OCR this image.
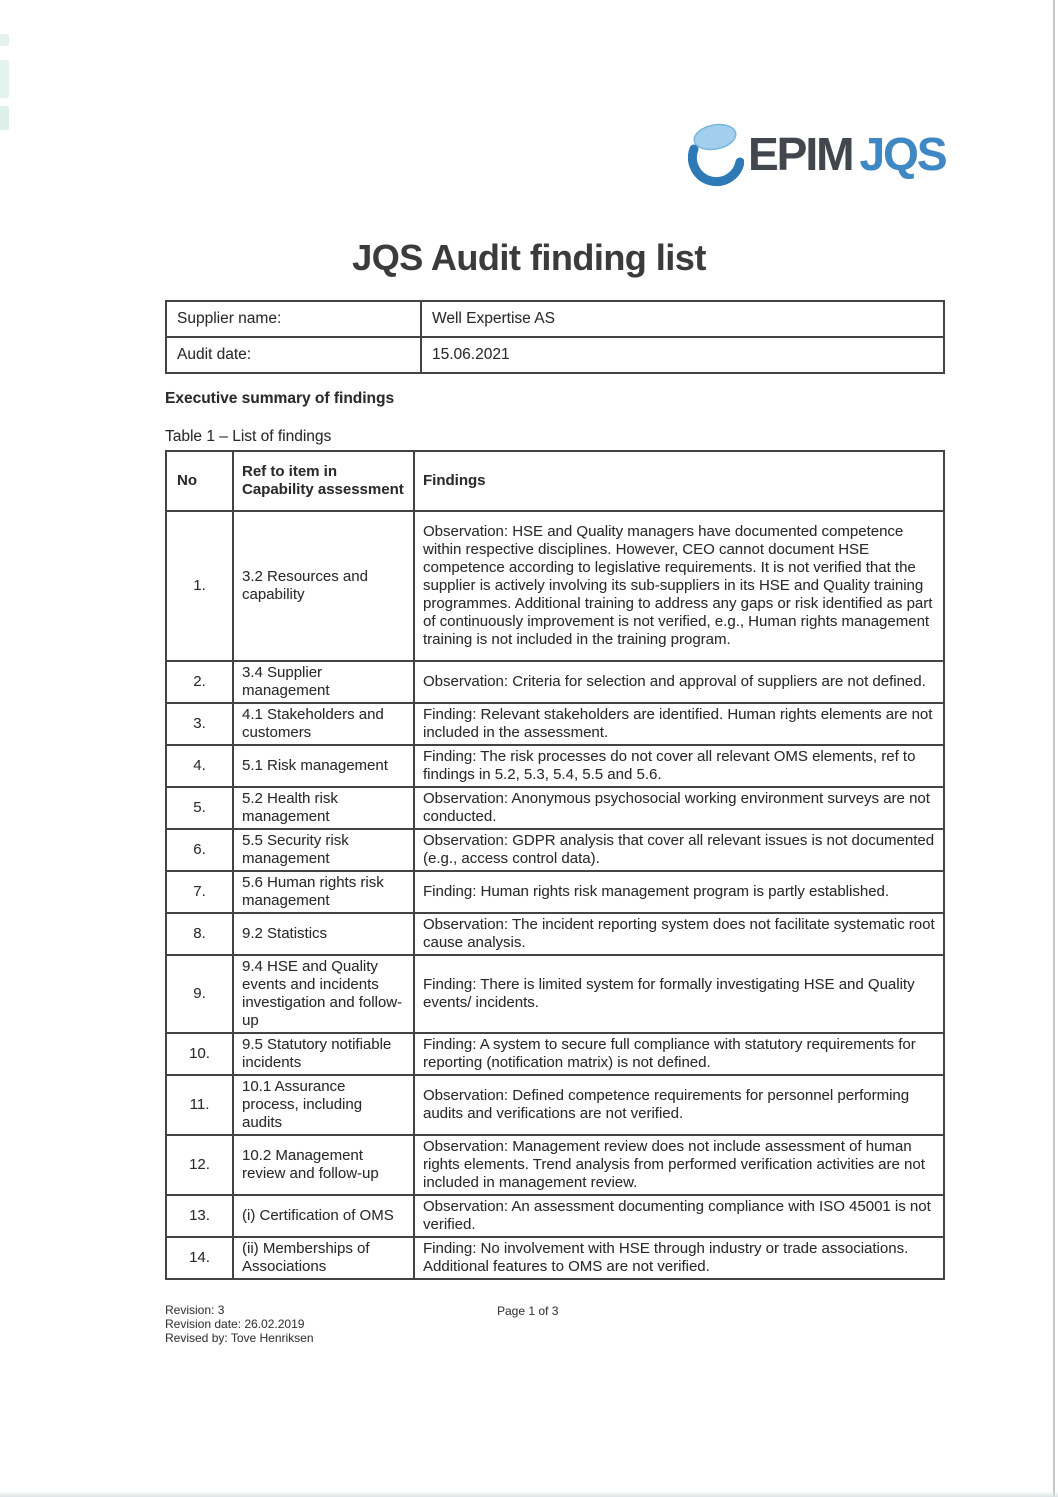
EPIM JQS
JQS Audit finding list
Supplier name:	Well Expertise AS
Audit date:	15.06.2021
Executive summary of findings
Table 1 – List of findings
No	Ref to item in Capability assessment	Findings
1.	3.2 Resources and capability	Observation: HSE and Quality managers have documented competence within respective disciplines. However, CEO cannot document HSE competence according to legislative requirements. It is not verified that the supplier is actively involving its sub-suppliers in its HSE and Quality training programmes. Additional training to address any gaps or risk identified as part of continuously improvement is not verified, e.g., Human rights management training is not included in the training program.
2.	3.4 Supplier management	Observation: Criteria for selection and approval of suppliers are not defined.
3.	4.1 Stakeholders and customers	Finding: Relevant stakeholders are identified. Human rights elements are not included in the assessment.
4.	5.1 Risk management	Finding: The risk processes do not cover all relevant OMS elements, ref to findings in 5.2, 5.3, 5.4, 5.5 and 5.6.
5.	5.2 Health risk management	Observation: Anonymous psychosocial working environment surveys are not conducted.
6.	5.5 Security risk management	Observation: GDPR analysis that cover all relevant issues is not documented (e.g., access control data).
7.	5.6 Human rights risk management	Finding: Human rights risk management program is partly established.
8.	9.2 Statistics	Observation: The incident reporting system does not facilitate systematic root cause analysis.
9.	9.4 HSE and Quality events and incidents investigation and follow-up	Finding: There is limited system for formally investigating HSE and Quality events/ incidents.
10.	9.5 Statutory notifiable incidents	Finding: A system to secure full compliance with statutory requirements for reporting (notification matrix) is not defined.
11.	10.1 Assurance process, including audits	Observation: Defined competence requirements for personnel performing audits and verifications are not verified.
12.	10.2 Management review and follow-up	Observation: Management review does not include assessment of human rights elements. Trend analysis from performed verification activities are not included in management review.
13.	(i) Certification of OMS	Observation: An assessment documenting compliance with ISO 45001 is not verified.
14.	(ii) Memberships of Associations	Finding: No involvement with HSE through industry or trade associations. Additional features to OMS are not verified.
Revision: 3
Revision date: 26.02.2019
Revised by: Tove Henriksen
Page 1 of 3
